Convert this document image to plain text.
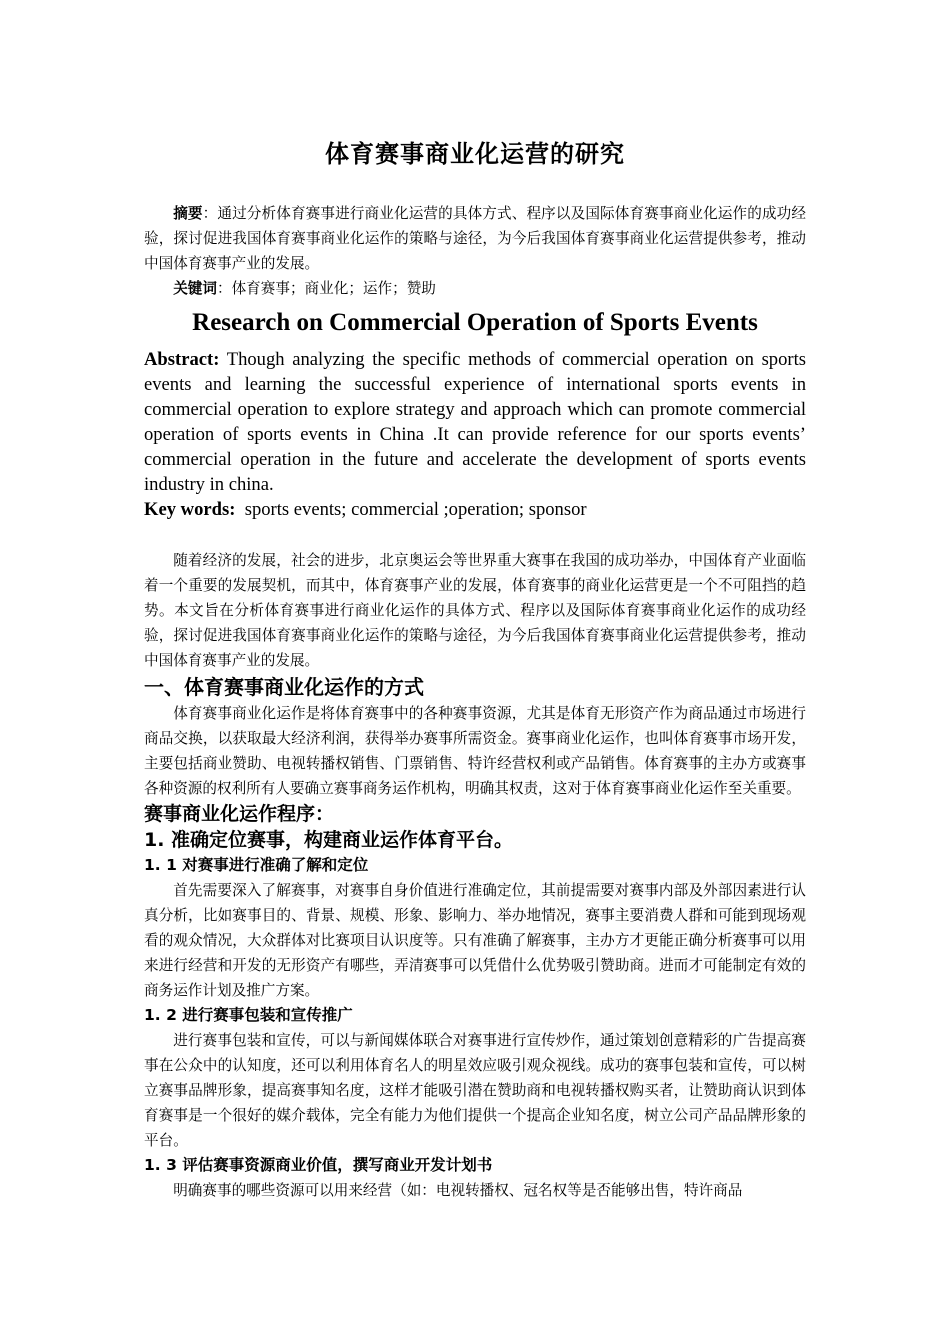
体育赛事商业化运营的研究

摘要：通过分析体育赛事进行商业化运营的具体方式、程序以及国际体育赛事商业化运作的成功经验，探讨促进我国体育赛事商业化运作的策略与途径，为今后我国体育赛事商业化运营提供参考，推动中国体育赛事产业的发展。

关键词：体育赛事；商业化；运作；赞助

Research on Commercial Operation of Sports Events

Abstract: Though analyzing the specific methods of commercial operation on sports events and learning the successful experience of international sports events in commercial operation to explore strategy and approach which can promote commercial operation of sports events in China .It can provide reference for our sports events’ commercial operation in the future and accelerate the development of sports events industry in china.

Key words:  sports events; commercial ;operation; sponsor

随着经济的发展，社会的进步，北京奥运会等世界重大赛事在我国的成功举办，中国体育产业面临着一个重要的发展契机，而其中，体育赛事产业的发展，体育赛事的商业化运营更是一个不可阻挡的趋势。本文旨在分析体育赛事进行商业化运作的具体方式、程序以及国际体育赛事商业化运作的成功经验，探讨促进我国体育赛事商业化运作的策略与途径，为今后我国体育赛事商业化运营提供参考，推动中国体育赛事产业的发展。

一、体育赛事商业化运作的方式

体育赛事商业化运作是将体育赛事中的各种赛事资源，尤其是体育无形资产作为商品通过市场进行商品交换，以获取最大经济利润，获得举办赛事所需资金。赛事商业化运作，也叫体育赛事市场开发，主要包括商业赞助、电视转播权销售、门票销售、特许经营权利或产品销售。体育赛事的主办方或赛事各种资源的权利所有人要确立赛事商务运作机构，明确其权责，这对于体育赛事商业化运作至关重要。

赛事商业化运作程序：
1. 准确定位赛事，构建商业运作体育平台。
1. 1 对赛事进行准确了解和定位

首先需要深入了解赛事，对赛事自身价值进行准确定位，其前提需要对赛事内部及外部因素进行认真分析，比如赛事目的、背景、规模、形象、影响力、举办地情况，赛事主要消费人群和可能到现场观看的观众情况，大众群体对比赛项目认识度等。只有准确了解赛事，主办方才更能正确分析赛事可以用来进行经营和开发的无形资产有哪些，弄清赛事可以凭借什么优势吸引赞助商。进而才可能制定有效的商务运作计划及推广方案。

1. 2 进行赛事包装和宣传推广

进行赛事包装和宣传，可以与新闻媒体联合对赛事进行宣传炒作，通过策划创意精彩的广告提高赛事在公众中的认知度，还可以利用体育名人的明星效应吸引观众视线。成功的赛事包装和宣传，可以树立赛事品牌形象，提高赛事知名度，这样才能吸引潜在赞助商和电视转播权购买者，让赞助商认识到体育赛事是一个很好的媒介载体，完全有能力为他们提供一个提高企业知名度，树立公司产品品牌形象的平台。

1. 3 评估赛事资源商业价值，撰写商业开发计划书

明确赛事的哪些资源可以用来经营（如：电视转播权、冠名权等是否能够出售，特许商品
